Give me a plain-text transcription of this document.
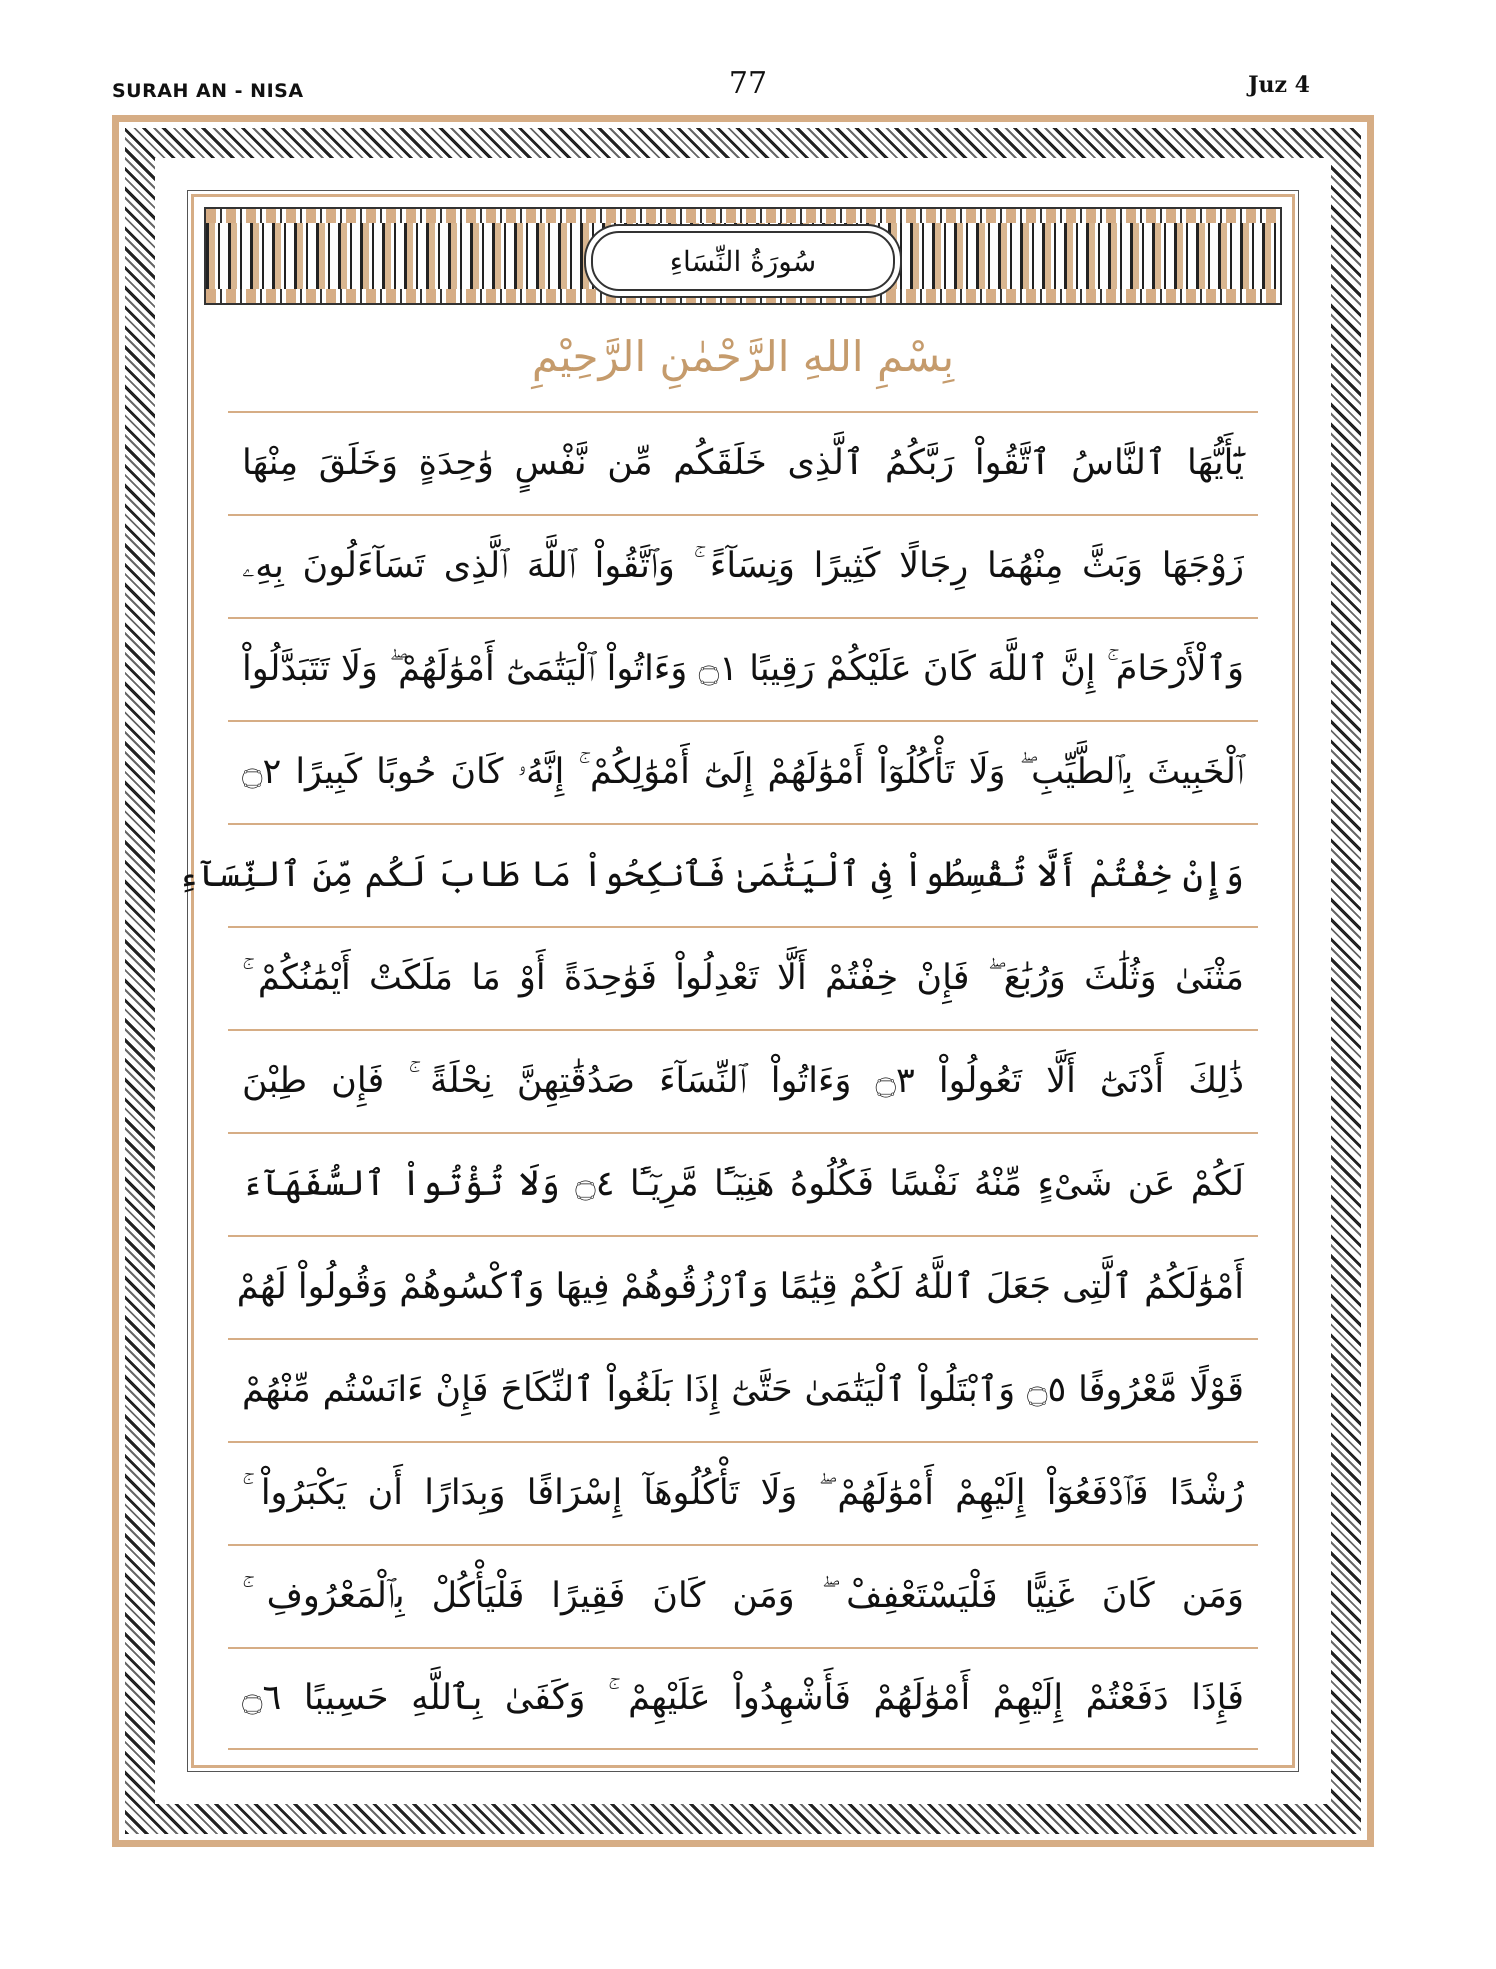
SURAH AN - NISA	77	Juz 4
سُورَةُ النِّسَاءِ
بِسْمِ اللهِ الرَّحْمٰنِ الرَّحِيْمِ
يَٰٓأَيُّهَا ٱلنَّاسُ ٱتَّقُواْ رَبَّكُمُ ٱلَّذِى خَلَقَكُم مِّن نَّفْسٍ وَٰحِدَةٍ وَخَلَقَ مِنْهَا
زَوْجَهَا وَبَثَّ مِنْهُمَا رِجَالًا كَثِيرًا وَنِسَآءً ۚ وَٱتَّقُواْ ٱللَّهَ ٱلَّذِى تَسَآءَلُونَ بِهِۦ
وَٱلْأَرْحَامَ ۚ إِنَّ ٱللَّهَ كَانَ عَلَيْكُمْ رَقِيبًا ۝١ وَءَاتُواْ ٱلْيَتَٰمَىٰٓ أَمْوَٰلَهُمْ ۖ وَلَا تَتَبَدَّلُواْ
ٱلْخَبِيثَ بِٱلطَّيِّبِ ۖ وَلَا تَأْكُلُوٓاْ أَمْوَٰلَهُمْ إِلَىٰٓ أَمْوَٰلِكُمْ ۚ إِنَّهُۥ كَانَ حُوبًا كَبِيرًا ۝٢
وَإِنْ خِفْتُمْ أَلَّا تُقْسِطُواْ فِى ٱلْيَتَٰمَىٰ فَٱنكِحُواْ مَا طَابَ لَكُم مِّنَ ٱلنِّسَآءِ
مَثْنَىٰ وَثُلَٰثَ وَرُبَٰعَ ۖ فَإِنْ خِفْتُمْ أَلَّا تَعْدِلُواْ فَوَٰحِدَةً أَوْ مَا مَلَكَتْ أَيْمَٰنُكُمْ ۚ
ذَٰلِكَ أَدْنَىٰٓ أَلَّا تَعُولُواْ ۝٣ وَءَاتُواْ ٱلنِّسَآءَ صَدُقَٰتِهِنَّ نِحْلَةً ۚ فَإِن طِبْنَ
لَكُمْ عَن شَىْءٍ مِّنْهُ نَفْسًا فَكُلُوهُ هَنِيٓـًٔا مَّرِيٓـًٔا ۝٤ وَلَا تُؤْتُواْ ٱلسُّفَهَآءَ
أَمْوَٰلَكُمُ ٱلَّتِى جَعَلَ ٱللَّهُ لَكُمْ قِيَٰمًا وَٱرْزُقُوهُمْ فِيهَا وَٱكْسُوهُمْ وَقُولُواْ لَهُمْ
قَوْلًا مَّعْرُوفًا ۝٥ وَٱبْتَلُواْ ٱلْيَتَٰمَىٰ حَتَّىٰٓ إِذَا بَلَغُواْ ٱلنِّكَاحَ فَإِنْ ءَانَسْتُم مِّنْهُمْ
رُشْدًا فَٱدْفَعُوٓاْ إِلَيْهِمْ أَمْوَٰلَهُمْ ۖ وَلَا تَأْكُلُوهَآ إِسْرَافًا وَبِدَارًا أَن يَكْبَرُواْ ۚ
وَمَن كَانَ غَنِيًّا فَلْيَسْتَعْفِفْ ۖ وَمَن كَانَ فَقِيرًا فَلْيَأْكُلْ بِٱلْمَعْرُوفِ ۚ
فَإِذَا دَفَعْتُمْ إِلَيْهِمْ أَمْوَٰلَهُمْ فَأَشْهِدُواْ عَلَيْهِمْ ۚ وَكَفَىٰ بِٱللَّهِ حَسِيبًا ۝٦
